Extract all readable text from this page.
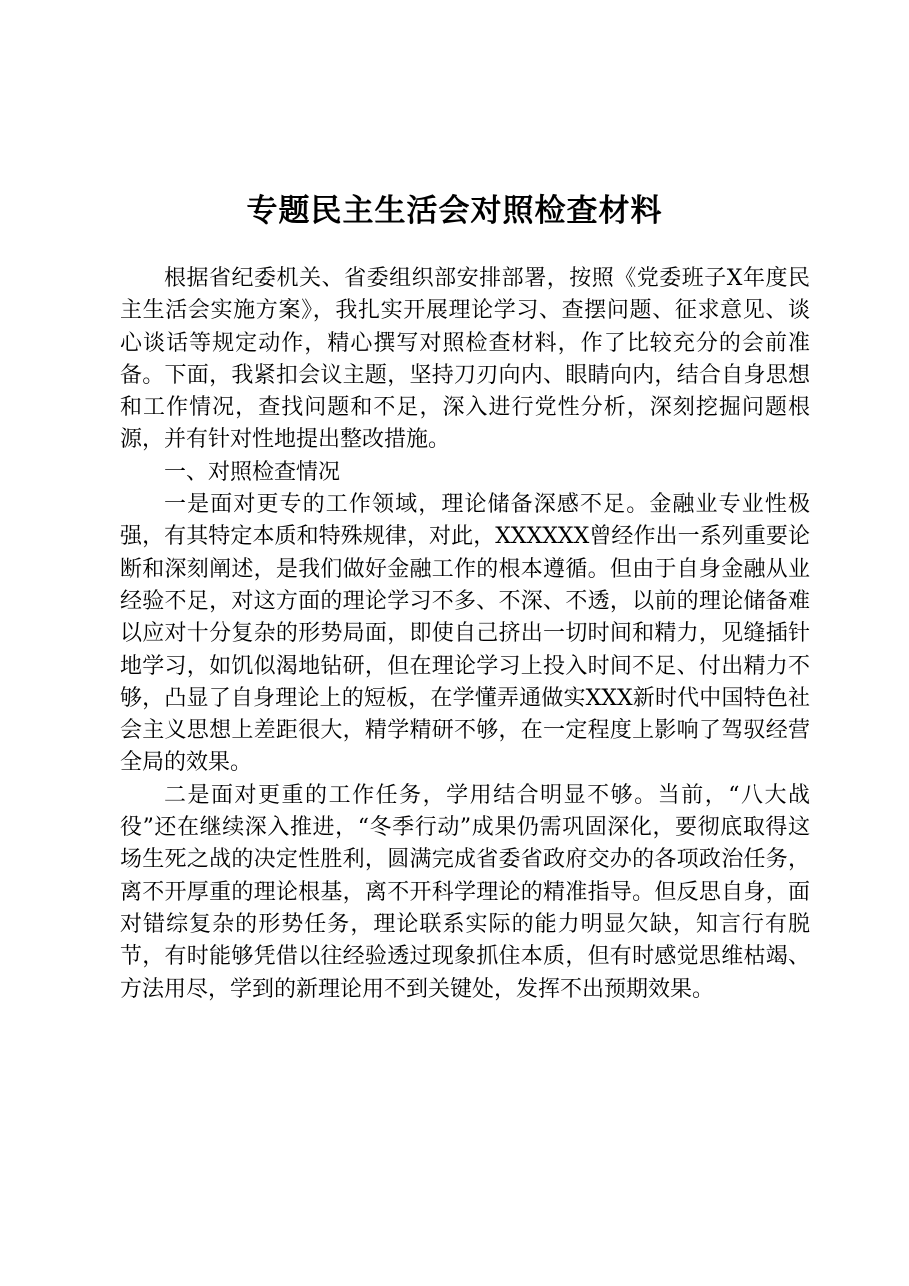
专题民主生活会对照检查材料

根据省纪委机关、省委组织部安排部署，按照《党委班子X年度民主生活会实施方案》，我扎实开展理论学习、查摆问题、征求意见、谈心谈话等规定动作，精心撰写对照检查材料，作了比较充分的会前准备。下面，我紧扣会议主题，坚持刀刃向内、眼睛向内，结合自身思想和工作情况，查找问题和不足，深入进行党性分析，深刻挖掘问题根源，并有针对性地提出整改措施。

一、对照检查情况

一是面对更专的工作领域，理论储备深感不足。金融业专业性极强，有其特定本质和特殊规律，对此，XXXXXX曾经作出一系列重要论断和深刻阐述，是我们做好金融工作的根本遵循。但由于自身金融从业经验不足，对这方面的理论学习不多、不深、不透，以前的理论储备难以应对十分复杂的形势局面，即使自己挤出一切时间和精力，见缝插针地学习，如饥似渴地钻研，但在理论学习上投入时间不足、付出精力不够，凸显了自身理论上的短板，在学懂弄通做实XXX新时代中国特色社会主义思想上差距很大，精学精研不够，在一定程度上影响了驾驭经营全局的效果。

二是面对更重的工作任务，学用结合明显不够。当前，“八大战役”还在继续深入推进，“冬季行动”成果仍需巩固深化，要彻底取得这场生死之战的决定性胜利，圆满完成省委省政府交办的各项政治任务，离不开厚重的理论根基，离不开科学理论的精准指导。但反思自身，面对错综复杂的形势任务，理论联系实际的能力明显欠缺，知言行有脱节，有时能够凭借以往经验透过现象抓住本质，但有时感觉思维枯竭、方法用尽，学到的新理论用不到关键处，发挥不出预期效果。
